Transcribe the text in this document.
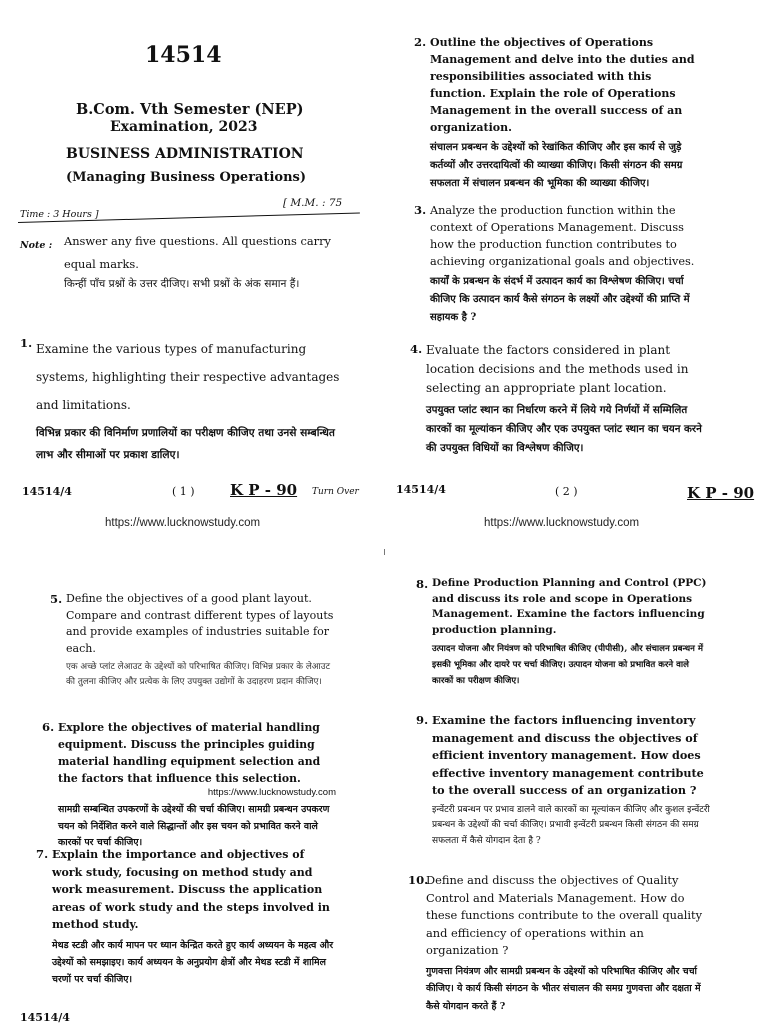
14514
B.Com. Vth Semester (NEP)
Examination, 2023
BUSINESS ADMINISTRATION
(Managing Business Operations)
Time : 3 Hours ]
[ M.M. : 75
Note : Answer any five questions. All questions carry equal marks.
किन्हीं पाँच प्रश्नों के उत्तर दीजिए। सभी प्रश्नों के अंक समान हैं।
1. Examine the various types of manufacturing systems, highlighting their respective advantages and limitations.
विभिन्न प्रकार की विनिर्माण प्रणालियों का परीक्षण कीजिए तथा उनसे सम्बन्धित लाभ और सीमाओं पर प्रकाश डालिए।
14514/4	( 1 ) K P - 90 Turn Over
https://www.lucknowstudy.com
2. Outline the objectives of Operations Management and delve into the duties and responsibilities associated with this function. Explain the role of Operations Management in the overall success of an organization.
संचालन प्रबन्धन के उद्देश्यों को रेखांकित कीजिए और इस कार्य से जुड़े कर्तव्यों और उत्तरदायित्वों की व्याख्या कीजिए। किसी संगठन की समग्र सफलता में संचालन प्रबन्धन की भूमिका की व्याख्या कीजिए।
3. Analyze the production function within the context of Operations Management. Discuss how the production function contributes to achieving organizational goals and objectives.
कार्यों के प्रबन्धन के संदर्भ में उत्पादन कार्य का विश्लेषण कीजिए। चर्चा कीजिए कि उत्पादन कार्य कैसे संगठन के लक्ष्यों और उद्देश्यों की प्राप्ति में सहायक है ?
4. Evaluate the factors considered in plant location decisions and the methods used in selecting an appropriate plant location.
उपयुक्त प्लांट स्थान का निर्धारण करने में लिये गये निर्णयों में सम्मिलित कारकों का मूल्यांकन कीजिए और एक उपयुक्त प्लांट स्थान का चयन करने की उपयुक्त विधियों का विश्लेषण कीजिए।
14514/4	( 2 )	K P - 90
https://www.lucknowstudy.com
5. Define the objectives of a good plant layout. Compare and contrast different types of layouts and provide examples of industries suitable for each.
एक अच्छे प्लांट लेआउट के उद्देश्यों को परिभाषित कीजिए। विभिन्न प्रकार के लेआउट की तुलना कीजिए और प्रत्येक के लिए उपयुक्त उद्योगों के उदाहरण प्रदान कीजिए।
6. Explore the objectives of material handling equipment. Discuss the principles guiding material handling equipment selection and the factors that influence this selection.
https://www.lucknowstudy.com
सामग्री सम्बन्धित उपकरणों के उद्देश्यों की चर्चा कीजिए। सामग्री प्रबन्धन उपकरण चयन को निर्देशित करने वाले सिद्धान्तों और इस चयन को प्रभावित करने वाले कारकों पर चर्चा कीजिए।
7. Explain the importance and objectives of work study, focusing on method study and work measurement. Discuss the application areas of work study and the steps involved in method study.
मेथड स्टडी और कार्य मापन पर ध्यान केन्द्रित करते हुए कार्य अध्ययन के महत्व और उद्देश्यों को समझाइए। कार्य अध्ययन के अनुप्रयोग क्षेत्रों और मेथड स्टडी में शामिल चरणों पर चर्चा कीजिए।
14514/4
8. Define Production Planning and Control (PPC) and discuss its role and scope in Operations Management. Examine the factors influencing production planning.
उत्पादन योजना और नियंत्रण को परिभाषित कीजिए (पीपीसी), और संचालन प्रबन्धन में इसकी भूमिका और दायरे पर चर्चा कीजिए। उत्पादन योजना को प्रभावित करने वाले कारकों का परीक्षण कीजिए।
9. Examine the factors influencing inventory management and discuss the objectives of efficient inventory management. How does effective inventory management contribute to the overall success of an organization ?
इन्वेंटरी प्रबन्धन पर प्रभाव डालने वाले कारकों का मूल्यांकन कीजिए और कुशल इन्वेंटरी प्रबन्धन के उद्देश्यों की चर्चा कीजिए। प्रभावी इन्वेंटरी प्रबन्धन किसी संगठन की समग्र सफलता में कैसे योगदान देता है ?
10.
Define and discuss the objectives of Quality Control and Materials Management. How do these functions contribute to the overall quality and efficiency of operations within an organization ?
गुणवत्ता नियंत्रण और सामग्री प्रबन्धन के उद्देश्यों को परिभाषित कीजिए और चर्चा कीजिए। ये कार्य किसी संगठन के भीतर संचालन की समग्र गुणवत्ता और दक्षता में कैसे योगदान करते हैं ?
